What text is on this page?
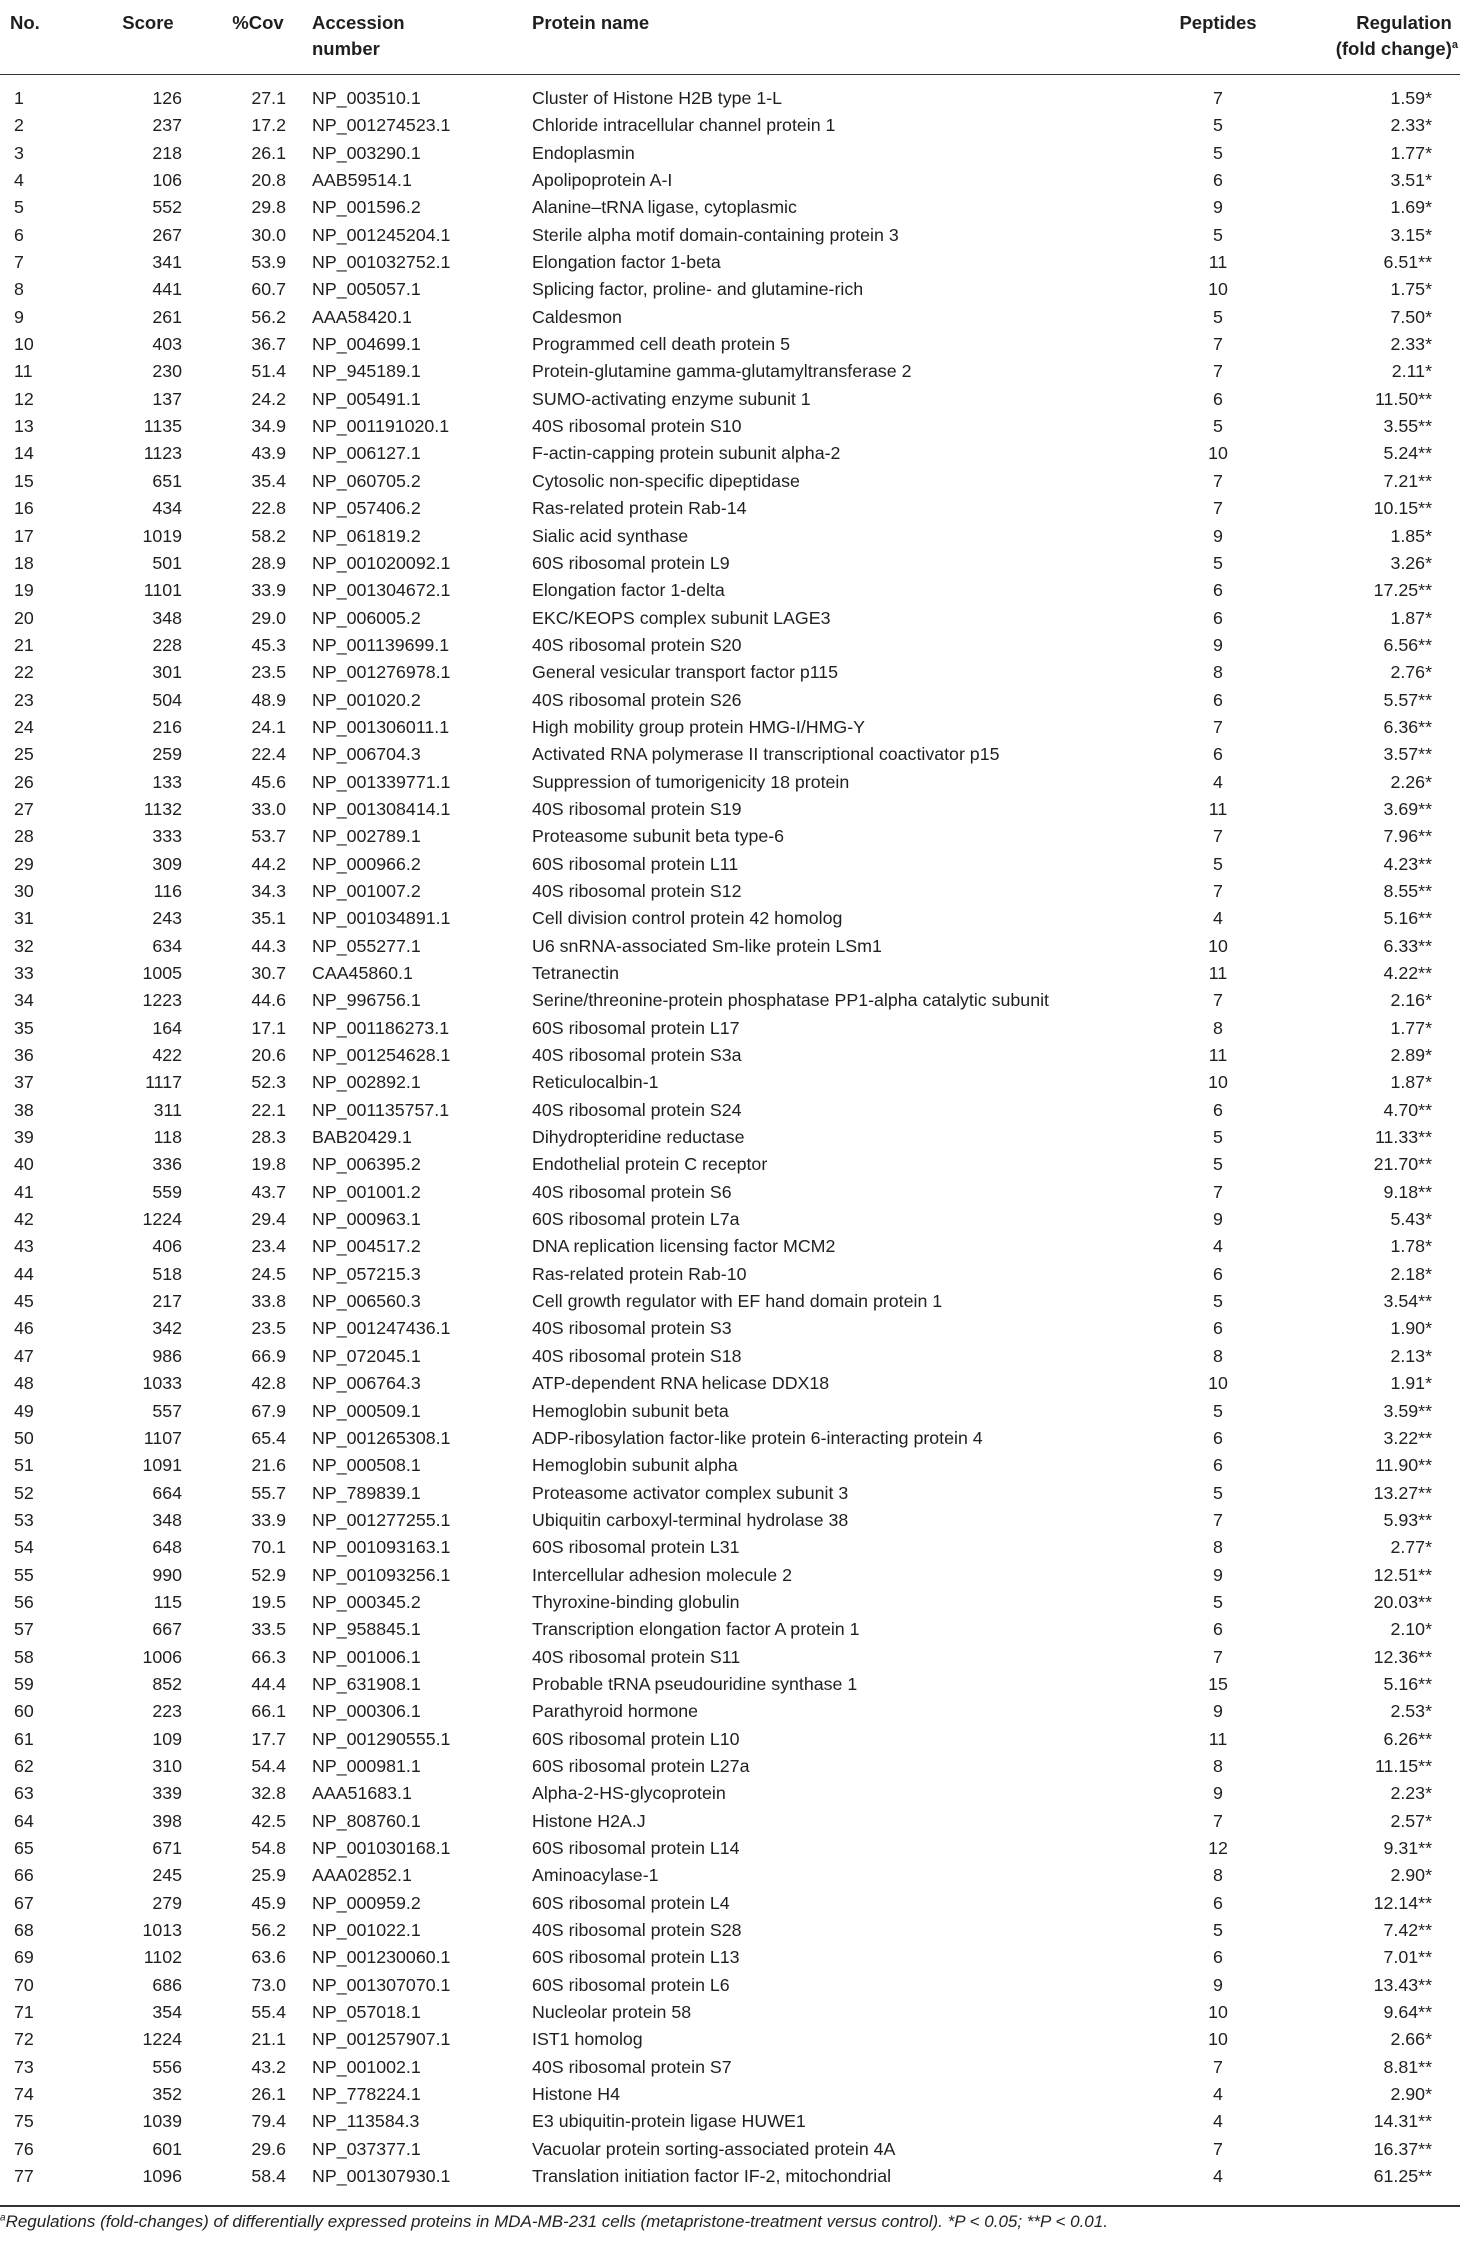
No.	Score	%Cov	Accession number	Protein name	Peptides	Regulation (fold change)$^a$
1	126	27.1	NP_003510.1	Cluster of Histone H2B type 1-L	7	1.59*
2	237	17.2	NP_001274523.1	Chloride intracellular channel protein 1	5	2.33*
3	218	26.1	NP_003290.1	Endoplasmin	5	1.77*
4	106	20.8	AAB59514.1	Apolipoprotein A-I	6	3.51*
5	552	29.8	NP_001596.2	Alanine–tRNA ligase, cytoplasmic	9	1.69*
6	267	30.0	NP_001245204.1	Sterile alpha motif domain-containing protein 3	5	3.15*
7	341	53.9	NP_001032752.1	Elongation factor 1-beta	11	6.51**
8	441	60.7	NP_005057.1	Splicing factor, proline- and glutamine-rich	10	1.75*
9	261	56.2	AAA58420.1	Caldesmon	5	7.50*
10	403	36.7	NP_004699.1	Programmed cell death protein 5	7	2.33*
11	230	51.4	NP_945189.1	Protein-glutamine gamma-glutamyltransferase 2	7	2.11*
12	137	24.2	NP_005491.1	SUMO-activating enzyme subunit 1	6	11.50**
13	1135	34.9	NP_001191020.1	40S ribosomal protein S10	5	3.55**
14	1123	43.9	NP_006127.1	F-actin-capping protein subunit alpha-2	10	5.24**
15	651	35.4	NP_060705.2	Cytosolic non-specific dipeptidase	7	7.21**
16	434	22.8	NP_057406.2	Ras-related protein Rab-14	7	10.15**
17	1019	58.2	NP_061819.2	Sialic acid synthase	9	1.85*
18	501	28.9	NP_001020092.1	60S ribosomal protein L9	5	3.26*
19	1101	33.9	NP_001304672.1	Elongation factor 1-delta	6	17.25**
20	348	29.0	NP_006005.2	EKC/KEOPS complex subunit LAGE3	6	1.87*
21	228	45.3	NP_001139699.1	40S ribosomal protein S20	9	6.56**
22	301	23.5	NP_001276978.1	General vesicular transport factor p115	8	2.76*
23	504	48.9	NP_001020.2	40S ribosomal protein S26	6	5.57**
24	216	24.1	NP_001306011.1	High mobility group protein HMG-I/HMG-Y	7	6.36**
25	259	22.4	NP_006704.3	Activated RNA polymerase II transcriptional coactivator p15	6	3.57**
26	133	45.6	NP_001339771.1	Suppression of tumorigenicity 18 protein	4	2.26*
27	1132	33.0	NP_001308414.1	40S ribosomal protein S19	11	3.69**
28	333	53.7	NP_002789.1	Proteasome subunit beta type-6	7	7.96**
29	309	44.2	NP_000966.2	60S ribosomal protein L11	5	4.23**
30	116	34.3	NP_001007.2	40S ribosomal protein S12	7	8.55**
31	243	35.1	NP_001034891.1	Cell division control protein 42 homolog	4	5.16**
32	634	44.3	NP_055277.1	U6 snRNA-associated Sm-like protein LSm1	10	6.33**
33	1005	30.7	CAA45860.1	Tetranectin	11	4.22**
34	1223	44.6	NP_996756.1	Serine/threonine-protein phosphatase PP1-alpha catalytic subunit	7	2.16*
35	164	17.1	NP_001186273.1	60S ribosomal protein L17	8	1.77*
36	422	20.6	NP_001254628.1	40S ribosomal protein S3a	11	2.89*
37	1117	52.3	NP_002892.1	Reticulocalbin-1	10	1.87*
38	311	22.1	NP_001135757.1	40S ribosomal protein S24	6	4.70**
39	118	28.3	BAB20429.1	Dihydropteridine reductase	5	11.33**
40	336	19.8	NP_006395.2	Endothelial protein C receptor	5	21.70**
41	559	43.7	NP_001001.2	40S ribosomal protein S6	7	9.18**
42	1224	29.4	NP_000963.1	60S ribosomal protein L7a	9	5.43*
43	406	23.4	NP_004517.2	DNA replication licensing factor MCM2	4	1.78*
44	518	24.5	NP_057215.3	Ras-related protein Rab-10	6	2.18*
45	217	33.8	NP_006560.3	Cell growth regulator with EF hand domain protein 1	5	3.54**
46	342	23.5	NP_001247436.1	40S ribosomal protein S3	6	1.90*
47	986	66.9	NP_072045.1	40S ribosomal protein S18	8	2.13*
48	1033	42.8	NP_006764.3	ATP-dependent RNA helicase DDX18	10	1.91*
49	557	67.9	NP_000509.1	Hemoglobin subunit beta	5	3.59**
50	1107	65.4	NP_001265308.1	ADP-ribosylation factor-like protein 6-interacting protein 4	6	3.22**
51	1091	21.6	NP_000508.1	Hemoglobin subunit alpha	6	11.90**
52	664	55.7	NP_789839.1	Proteasome activator complex subunit 3	5	13.27**
53	348	33.9	NP_001277255.1	Ubiquitin carboxyl-terminal hydrolase 38	7	5.93**
54	648	70.1	NP_001093163.1	60S ribosomal protein L31	8	2.77*
55	990	52.9	NP_001093256.1	Intercellular adhesion molecule 2	9	12.51**
56	115	19.5	NP_000345.2	Thyroxine-binding globulin	5	20.03**
57	667	33.5	NP_958845.1	Transcription elongation factor A protein 1	6	2.10*
58	1006	66.3	NP_001006.1	40S ribosomal protein S11	7	12.36**
59	852	44.4	NP_631908.1	Probable tRNA pseudouridine synthase 1	15	5.16**
60	223	66.1	NP_000306.1	Parathyroid hormone	9	2.53*
61	109	17.7	NP_001290555.1	60S ribosomal protein L10	11	6.26**
62	310	54.4	NP_000981.1	60S ribosomal protein L27a	8	11.15**
63	339	32.8	AAA51683.1	Alpha-2-HS-glycoprotein	9	2.23*
64	398	42.5	NP_808760.1	Histone H2A.J	7	2.57*
65	671	54.8	NP_001030168.1	60S ribosomal protein L14	12	9.31**
66	245	25.9	AAA02852.1	Aminoacylase-1	8	2.90*
67	279	45.9	NP_000959.2	60S ribosomal protein L4	6	12.14**
68	1013	56.2	NP_001022.1	40S ribosomal protein S28	5	7.42**
69	1102	63.6	NP_001230060.1	60S ribosomal protein L13	6	7.01**
70	686	73.0	NP_001307070.1	60S ribosomal protein L6	9	13.43**
71	354	55.4	NP_057018.1	Nucleolar protein 58	10	9.64**
72	1224	21.1	NP_001257907.1	IST1 homolog	10	2.66*
73	556	43.2	NP_001002.1	40S ribosomal protein S7	7	8.81**
74	352	26.1	NP_778224.1	Histone H4	4	2.90*
75	1039	79.4	NP_113584.3	E3 ubiquitin-protein ligase HUWE1	4	14.31**
76	601	29.6	NP_037377.1	Vacuolar protein sorting-associated protein 4A	7	16.37**
77	1096	58.4	NP_001307930.1	Translation initiation factor IF-2, mitochondrial	4	61.25**
$^a$Regulations (fold-changes) of differentially expressed proteins in MDA-MB-231 cells (metapristone-treatment versus control). *P < 0.05; **P < 0.01.
